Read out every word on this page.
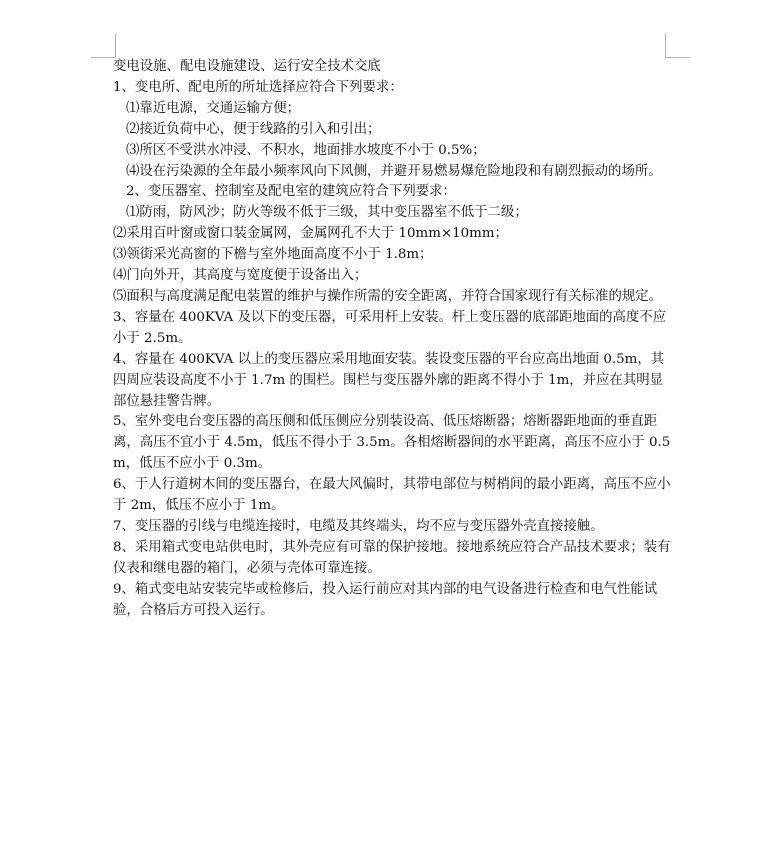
变电设施、配电设施建设、运行安全技术交底

1、变电所、配电所的所址选择应符合下列要求：

⑴靠近电源，交通运输方便；

⑵接近负荷中心，便于线路的引入和引出；

⑶所区不受洪水冲浸、不积水，地面排水坡度不小于 0.5%；

⑷设在污染源的全年最小频率风向下风侧，并避开易燃易爆危险地段和有剧烈振动的场所。

2、变压器室、控制室及配电室的建筑应符合下列要求：

⑴防雨，防风沙；防火等级不低于三级，其中变压器室不低于二级；

⑵采用百叶窗或窗口装金属网，金属网孔不大于 10mm×10mm；

⑶领街采光高窗的下檐与室外地面高度不小于 1.8m；

⑷门向外开，其高度与宽度便于设备出入；

⑸面积与高度满足配电装置的维护与操作所需的安全距离，并符合国家现行有关标准的规定。

3、容量在 400KVA 及以下的变压器，可采用杆上安装。杆上变压器的底部距地面的高度不应小于 2.5m。

4、容量在 400KVA 以上的变压器应采用地面安装。装设变压器的平台应高出地面 0.5m，其四周应装设高度不小于 1.7m 的围栏。围栏与变压器外廓的距离不得小于 1m，并应在其明显部位悬挂警告牌。

5、室外变电台变压器的高压侧和低压侧应分别装设高、低压熔断器；熔断器距地面的垂直距离，高压不宜小于 4.5m，低压不得小于 3.5m。各相熔断器间的水平距离，高压不应小于 0.5m，低压不应小于 0.3m。

6、于人行道树木间的变压器台，在最大风偏时，其带电部位与树梢间的最小距离，高压不应小于 2m，低压不应小于 1m。

7、变压器的引线与电缆连接时，电缆及其终端头，均不应与变压器外壳直接接触。

8、采用箱式变电站供电时，其外壳应有可靠的保护接地。接地系统应符合产品技术要求；装有仪表和继电器的箱门，必须与壳体可靠连接。

9、箱式变电站安装完毕或检修后，投入运行前应对其内部的电气设备进行检查和电气性能试验，合格后方可投入运行。
